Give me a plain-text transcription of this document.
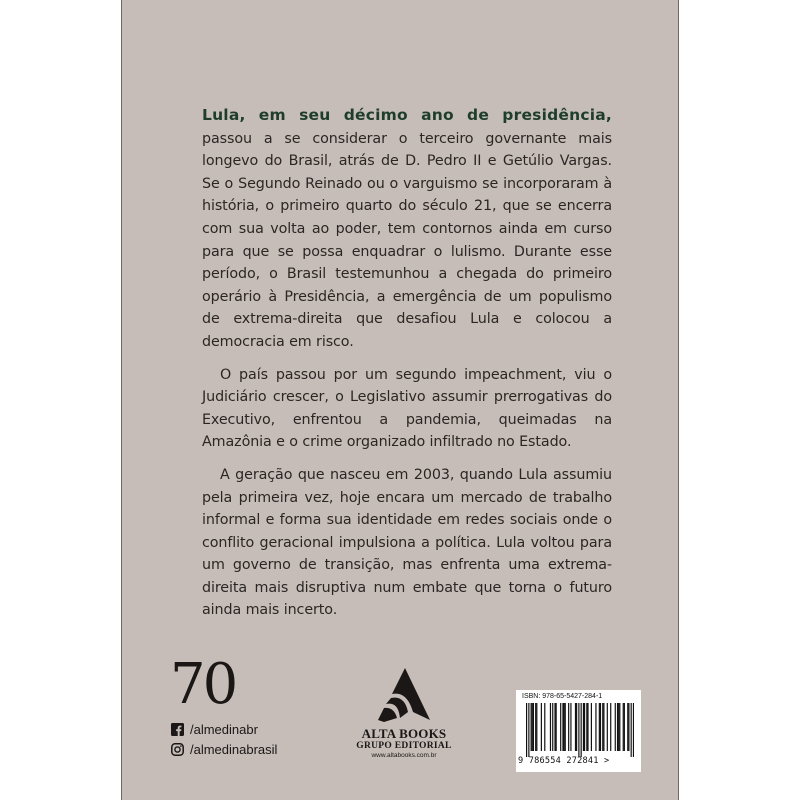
Lula, em seu décimo ano de presidência, passou a se considerar o terceiro governante mais longevo do Brasil, atrás de D. Pedro II e Getúlio Vargas. Se o Segundo Reinado ou o varguismo se incorporaram à história, o primeiro quarto do século 21, que se encerra com sua volta ao poder, tem contornos ainda em curso para que se possa enquadrar o lulismo. Durante esse período, o Brasil testemunhou a chegada do primeiro operário à Presidência, a emergência de um populismo de extrema-direita que desafiou Lula e colocou a democracia em risco.

O país passou por um segundo impeachment, viu o Judiciário crescer, o Legislativo assumir prerrogativas do Executivo, enfrentou a pandemia, queimadas na Amazônia e o crime organizado infiltrado no Estado.

A geração que nasceu em 2003, quando Lula assumiu pela primeira vez, hoje encara um mercado de trabalho informal e forma sua identidade em redes sociais onde o conflito geracional impulsiona a política. Lula voltou para um governo de transição, mas enfrenta uma extrema-direita mais disruptiva num embate que torna o futuro ainda mais incerto.

70
/almedinabr
/almedinabrasil
ALTA BOOKS
GRUPO EDITORIAL
www.altabooks.com.br
ISBN: 978-65-5427-284-1
9 786554 272841 >
